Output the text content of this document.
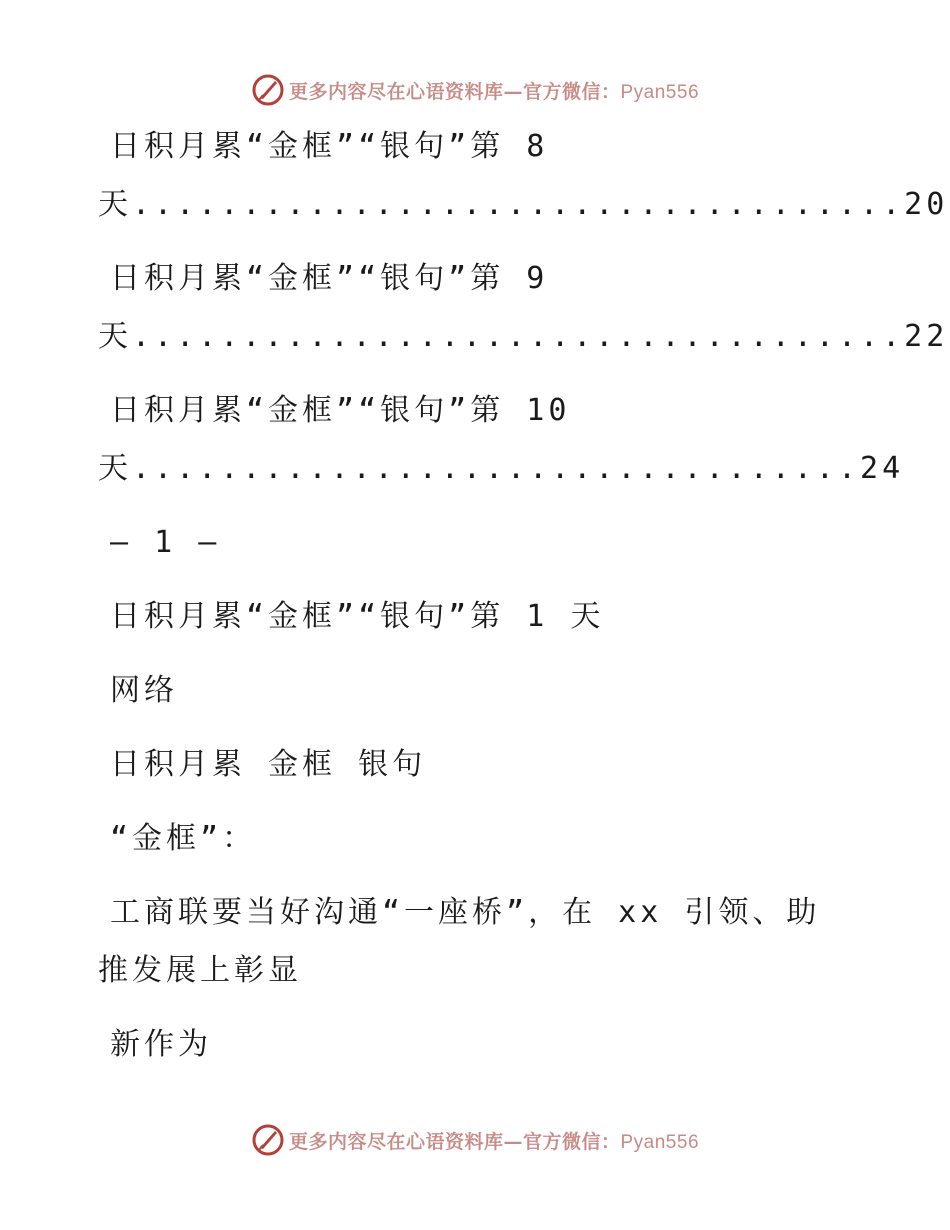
更多内容尽在心语资料库—官方微信：Pyan556
日积月累“金框”“银句”第 8
天...................................20
日积月累“金框”“银句”第 9
天...................................22
日积月累“金框”“银句”第 10
天.................................24
— 1 —
日积月累“金框”“银句”第 1 天
网络
日积月累 金框 银句
“金框”：
工商联要当好沟通“一座桥”，在 xx 引领、助
推发展上彰显
新作为
更多内容尽在心语资料库—官方微信：Pyan556
